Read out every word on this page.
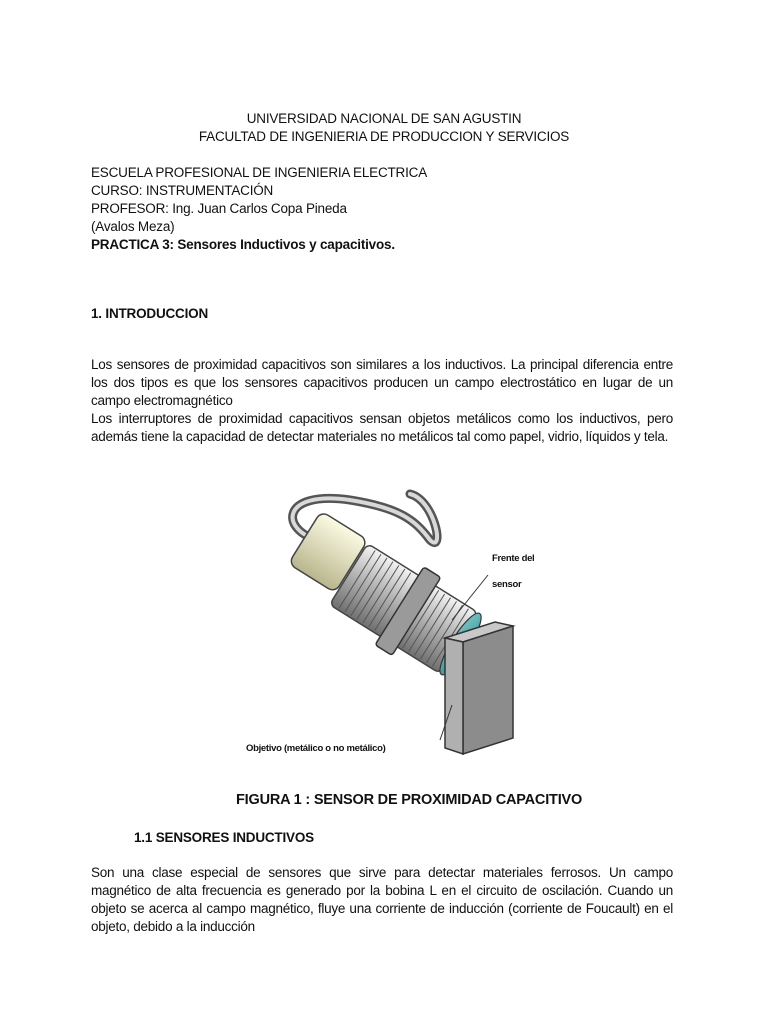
UNIVERSIDAD NACIONAL DE SAN AGUSTIN
FACULTAD DE INGENIERIA DE PRODUCCION Y SERVICIOS
ESCUELA PROFESIONAL DE INGENIERIA ELECTRICA
CURSO: INSTRUMENTACIÓN
PROFESOR: Ing. Juan Carlos Copa Pineda
(Avalos Meza)
PRACTICA 3: Sensores Inductivos y capacitivos.
1. INTRODUCCION
Los sensores de proximidad capacitivos son similares a los inductivos. La principal diferencia entre los dos tipos es que los sensores capacitivos producen un campo electrostático en lugar de un campo electromagnético
Los interruptores de proximidad capacitivos sensan objetos metálicos como los inductivos, pero además tiene la capacidad de detectar materiales no metálicos tal como papel, vidrio, líquidos y tela.
Frente del
sensor
Objetivo (metálico o no metálico)
FIGURA 1 : SENSOR DE PROXIMIDAD CAPACITIVO
1.1 SENSORES INDUCTIVOS
Son una clase especial de sensores que sirve para detectar materiales ferrosos. Un campo magnético de alta frecuencia es generado por la bobina L en el circuito de oscilación. Cuando un objeto se acerca al campo magnético, fluye una corriente de inducción (corriente de Foucault) en el objeto, debido a la inducción
